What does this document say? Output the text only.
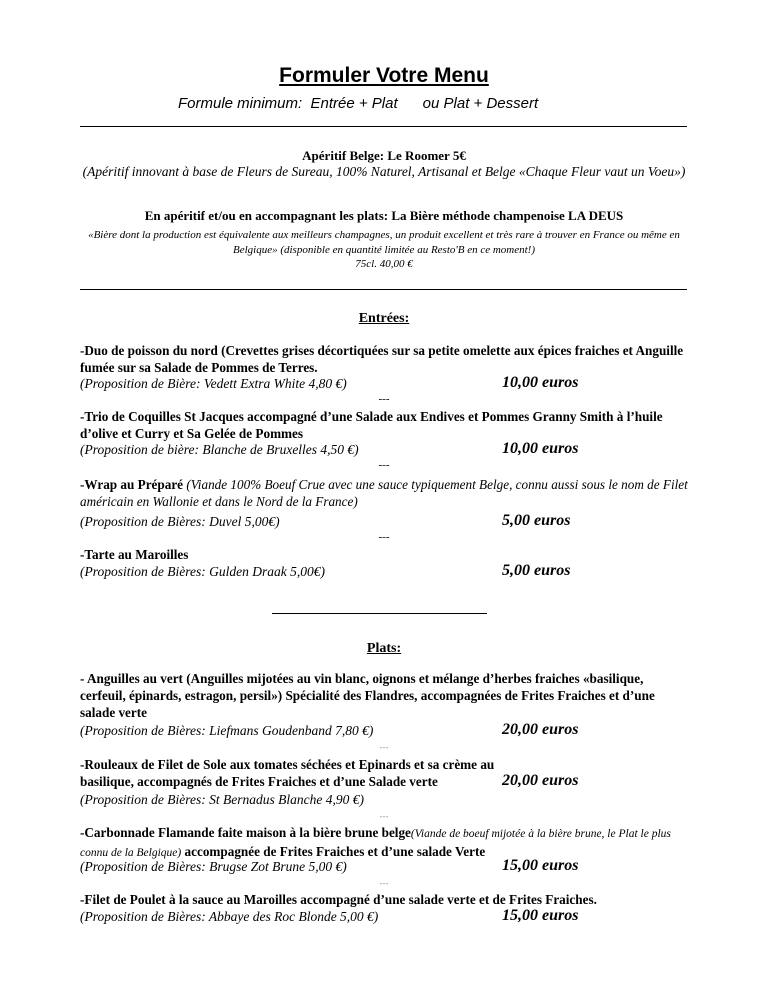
Formuler Votre Menu
Formule minimum:  Entrée + Plat      ou Plat + Dessert
Apéritif Belge: Le Roomer 5€
(Apéritif innovant à base de Fleurs de Sureau, 100% Naturel, Artisanal et Belge «Chaque Fleur vaut un Voeu»)
En apéritif et/ou en accompagnant les plats: La Bière méthode champenoise LA DEUS
«Bière dont la production est équivalente aux meilleurs champagnes, un produit excellent et très rare à trouver en France ou même en Belgique» (disponible en quantité limitée au Resto'B en ce moment!)
75cl. 40,00 €
Entrées:
-Duo de poisson du nord (Crevettes grises décortiquées sur sa petite omelette aux épices fraiches et Anguille fumée sur sa Salade de Pommes de Terres.
(Proposition de Bière: Vedett Extra White 4,80 €)	10,00 euros
---
-Trio de Coquilles St Jacques accompagné d’une Salade aux Endives et Pommes Granny Smith à l’huile d’olive et Curry et Sa Gelée de Pommes
(Proposition de bière: Blanche de Bruxelles 4,50 €)	10,00 euros
---
-Wrap au Préparé (Viande 100% Boeuf Crue avec une sauce typiquement Belge, connu aussi sous le nom de Filet américain en Wallonie et dans le Nord de la France)
(Proposition de Bières: Duvel 5,00€)	5,00 euros
---
-Tarte au Maroilles
(Proposition de Bières: Gulden Draak 5,00€)	5,00 euros
Plats:
- Anguilles au vert (Anguilles mijotées au vin blanc, oignons et mélange d’herbes fraiches «basilique, cerfeuil, épinards, estragon, persil») Spécialité des Flandres, accompagnées de Frites Fraiches et d’une salade verte
(Proposition de Bières: Liefmans Goudenband 7,80 €)	20,00 euros
---
-Rouleaux de Filet de Sole aux tomates séchées et Epinards et sa crème au basilique, accompagnés de Frites Fraiches et d’une Salade verte	20,00 euros
(Proposition de Bières: St Bernadus Blanche 4,90 €)
---
-Carbonnade Flamande faite maison à la bière brune belge(Viande de boeuf mijotée à la bière brune, le Plat le plus connu de la Belgique) accompagnée de Frites Fraiches et d’une salade Verte
(Proposition de Bières: Brugse Zot Brune 5,00 €)	15,00 euros
---
-Filet de Poulet à la sauce au Maroilles accompagné d’une salade verte et de Frites Fraiches.
(Proposition de Bières: Abbaye des Roc Blonde 5,00 €)	15,00 euros
